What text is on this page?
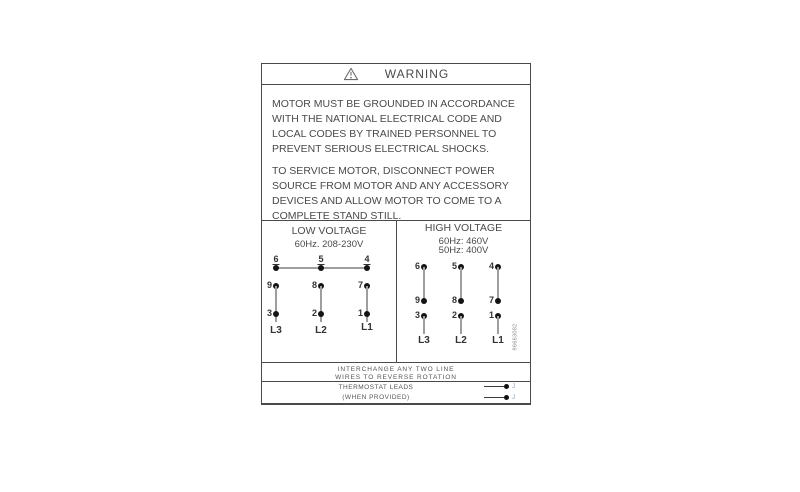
WARNING
MOTOR MUST BE GROUNDED IN ACCORDANCE
WITH THE NATIONAL ELECTRICAL CODE AND
LOCAL CODES BY TRAINED PERSONNEL TO
PREVENT SERIOUS ELECTRICAL SHOCKS.
TO SERVICE MOTOR, DISCONNECT POWER
SOURCE FROM MOTOR AND ANY ACCESSORY
DEVICES AND ALLOW MOTOR TO COME TO A
COMPLETE STAND STILL.
LOW VOLTAGE
60Hz. 208-230V
6
9
3
L3
5
8
2
L2
4
7
1
L1
HIGH VOLTAGE
60Hz: 460V
50Hz: 400V
6
9
3
L3
5
8
2
L2
4
7
1
L1	96663082
INTERCHANGE ANY TWO LINE
WIRES TO REVERSE ROTATION
THERMOSTAT LEADS
(WHEN PROVIDED)
J
J
